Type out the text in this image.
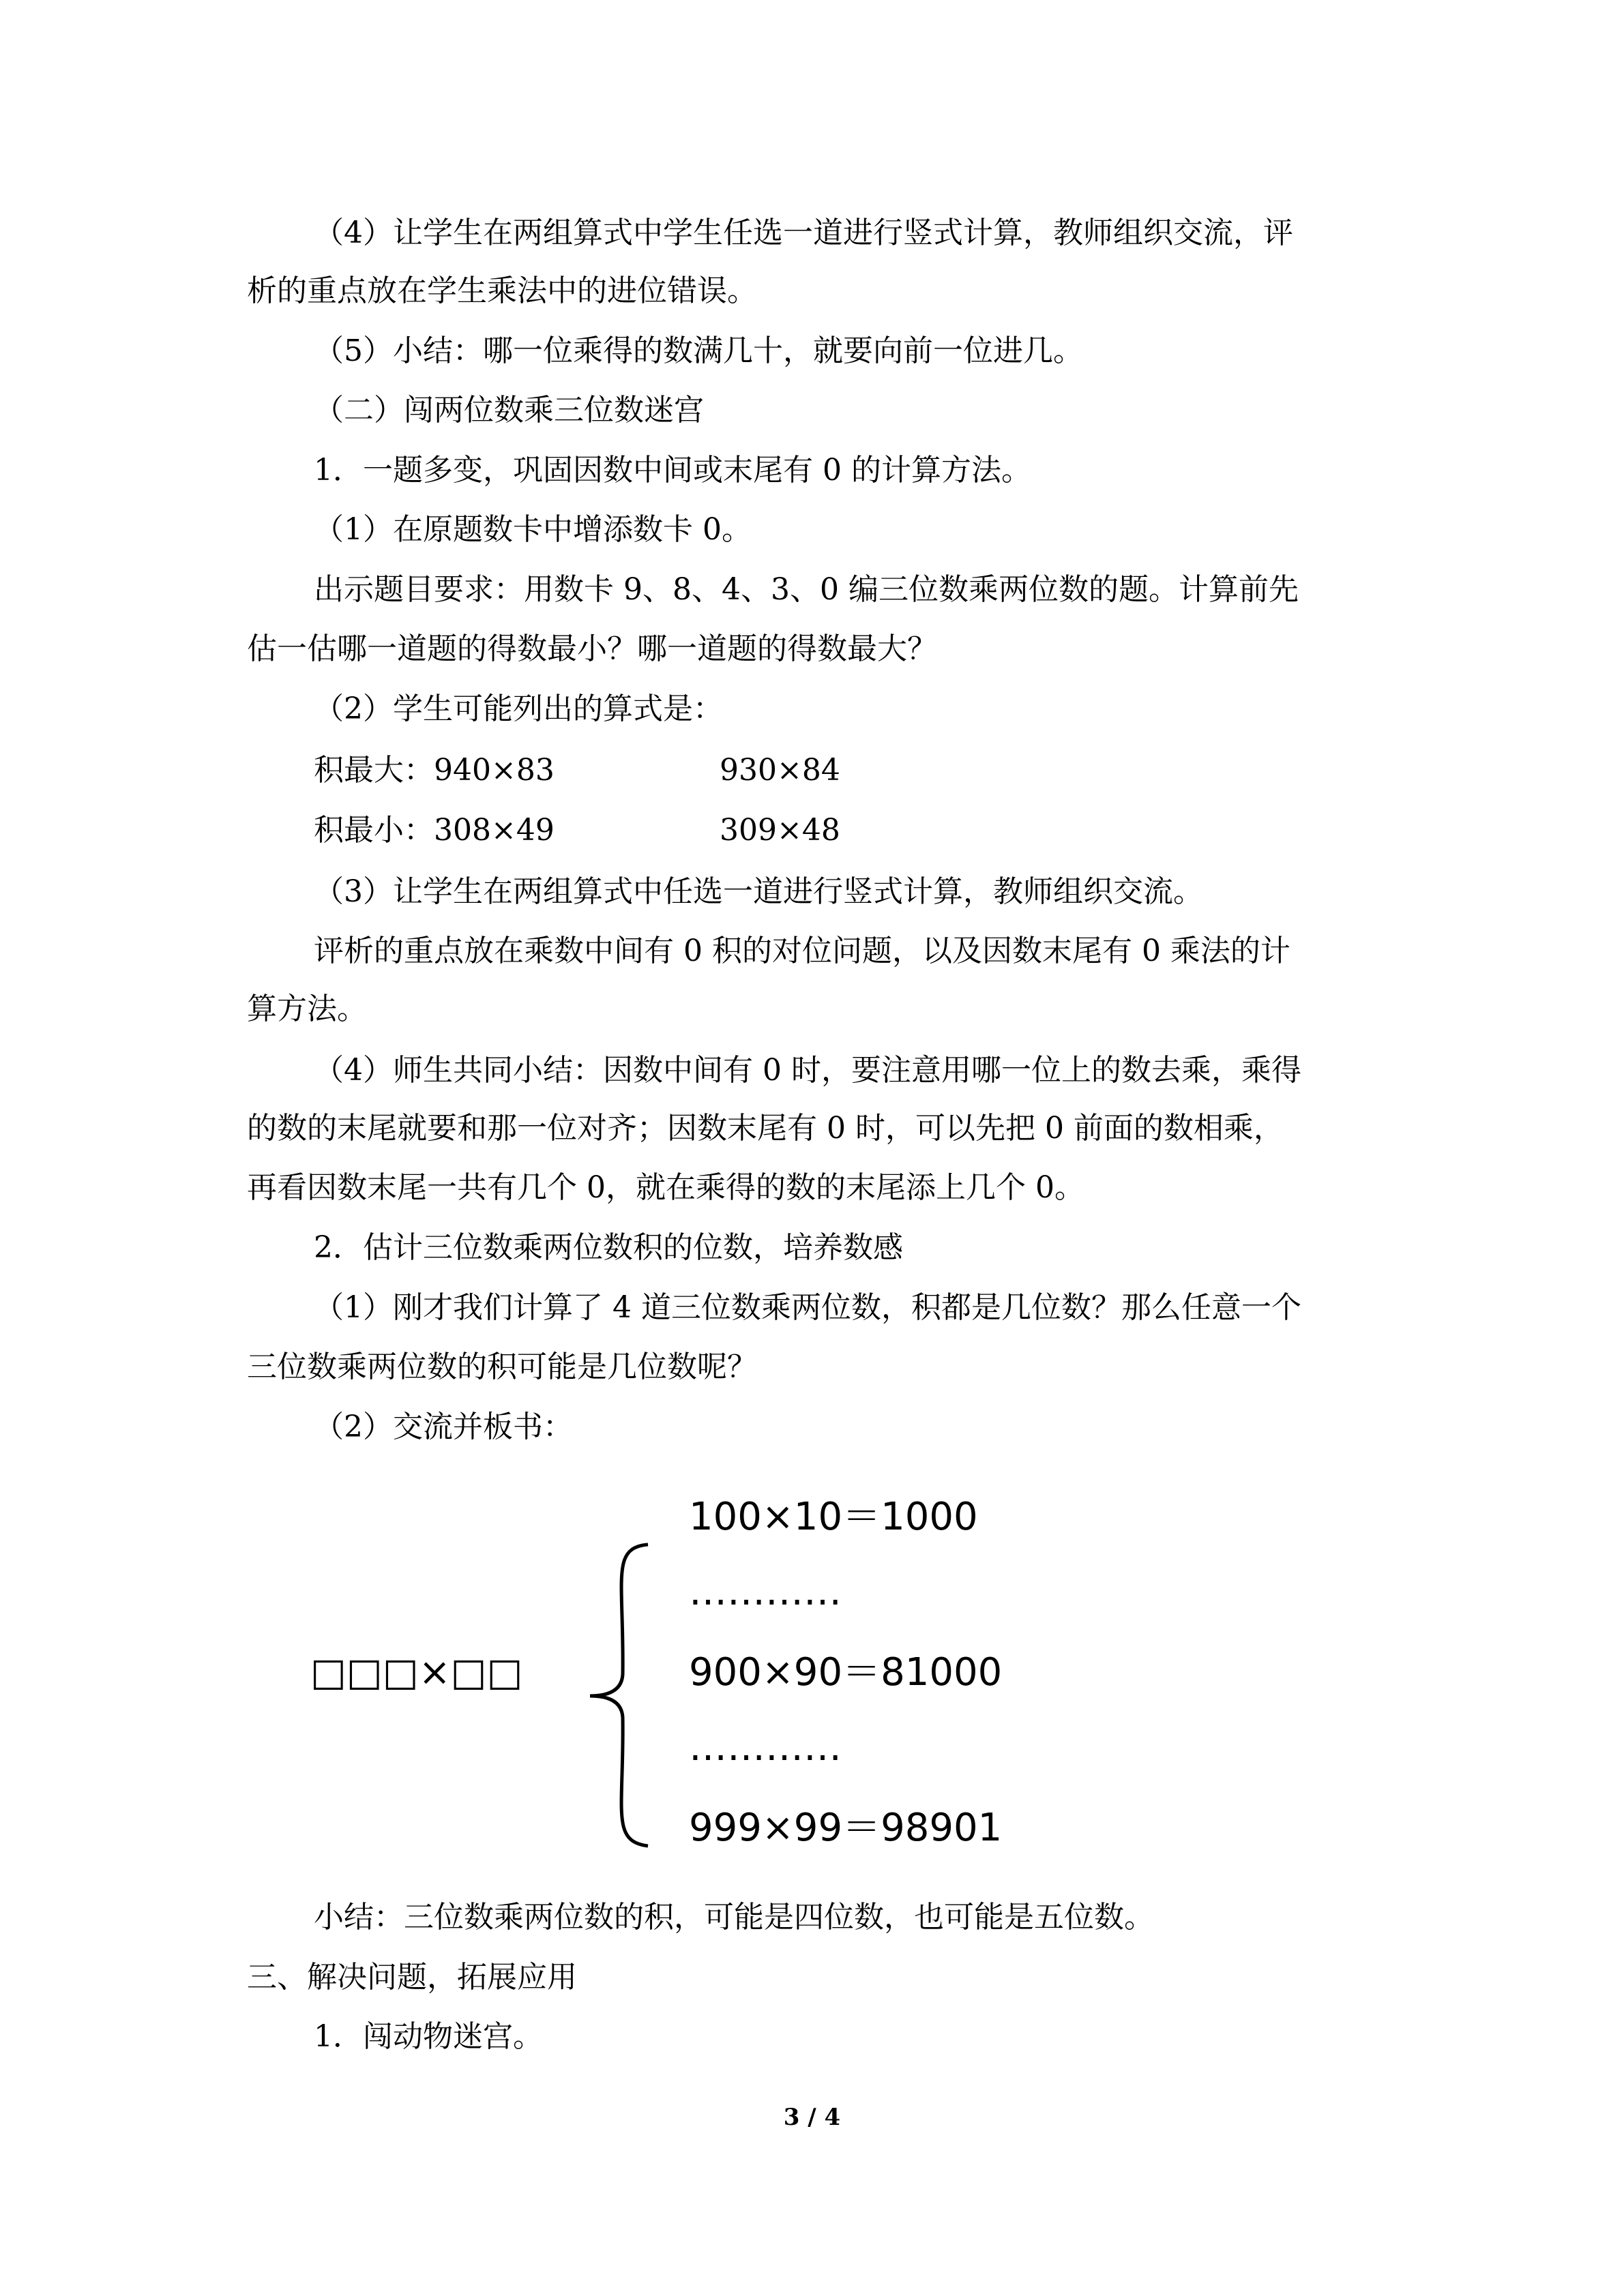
（4）让学生在两组算式中学生任选一道进行竖式计算，教师组织交流，评

析的重点放在学生乘法中的进位错误。

（5）小结：哪一位乘得的数满几十，就要向前一位进几。

（二）闯两位数乘三位数迷宫

1．一题多变，巩固因数中间或末尾有 0 的计算方法。

（1）在原题数卡中增添数卡 0。

出示题目要求：用数卡 9、8、4、3、0 编三位数乘两位数的题。计算前先

估一估哪一道题的得数最小？哪一道题的得数最大？

（2）学生可能列出的算式是：

积最大：940×83	930×84

积最小：308×49	309×48

（3）让学生在两组算式中任选一道进行竖式计算，教师组织交流。

评析的重点放在乘数中间有 0 积的对位问题，以及因数末尾有 0 乘法的计

算方法。

（4）师生共同小结：因数中间有 0 时，要注意用哪一位上的数去乘，乘得

的数的末尾就要和那一位对齐；因数末尾有 0 时，可以先把 0 前面的数相乘，

再看因数末尾一共有几个 0，就在乘得的数的末尾添上几个 0。

2．估计三位数乘两位数积的位数，培养数感

（1）刚才我们计算了 4 道三位数乘两位数，积都是几位数？那么任意一个

三位数乘两位数的积可能是几位数呢？

（2）交流并板书：

□□□×□□
100×10＝1000
…………
900×90＝81000
…………
999×99＝98901

小结：三位数乘两位数的积，可能是四位数，也可能是五位数。

三、解决问题，拓展应用

1．闯动物迷宫。

3 / 4
